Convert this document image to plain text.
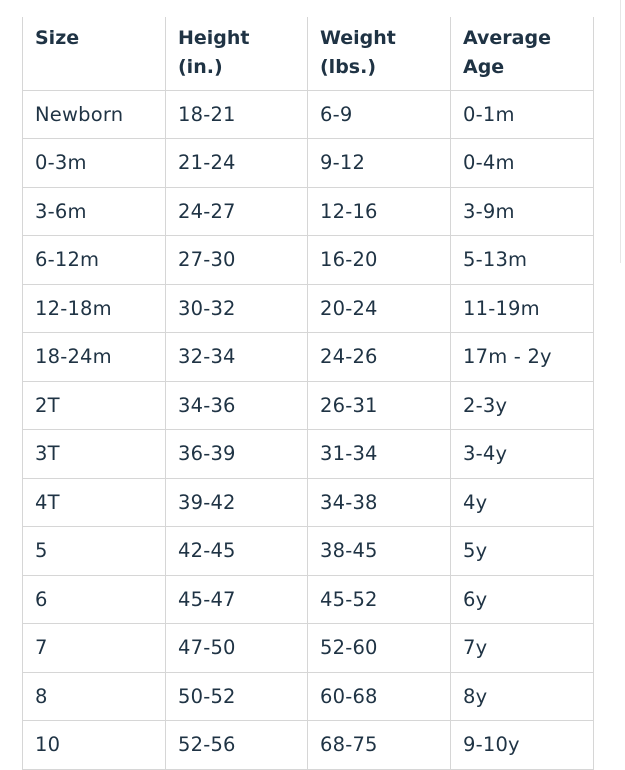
Size	Height (in.)	Weight (lbs.)	Average Age
Newborn	18-21	6-9	0-1m
0-3m	21-24	9-12	0-4m
3-6m	24-27	12-16	3-9m
6-12m	27-30	16-20	5-13m
12-18m	30-32	20-24	11-19m
18-24m	32-34	24-26	17m - 2y
2T	34-36	26-31	2-3y
3T	36-39	31-34	3-4y
4T	39-42	34-38	4y
5	42-45	38-45	5y
6	45-47	45-52	6y
7	47-50	52-60	7y
8	50-52	60-68	8y
10	52-56	68-75	9-10y
